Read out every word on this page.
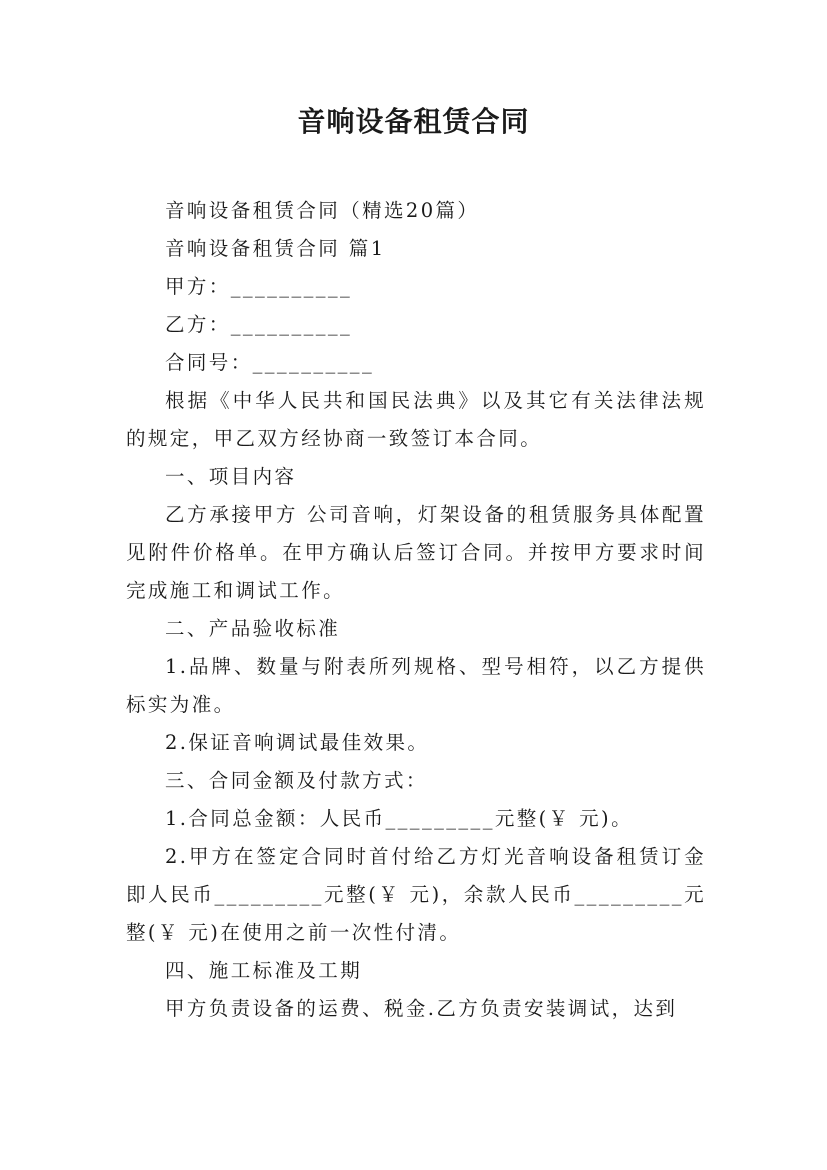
音响设备租赁合同

音响设备租赁合同（精选20篇）

音响设备租赁合同 篇1

甲方：__________

乙方：__________

合同号：__________

根据《中华人民共和国民法典》以及其它有关法律法规的规定，甲乙双方经协商一致签订本合同。

一、项目内容

乙方承接甲方 公司音响，灯架设备的租赁服务具体配置见附件价格单。在甲方确认后签订合同。并按甲方要求时间完成施工和调试工作。

二、产品验收标准

1.品牌、数量与附表所列规格、型号相符，以乙方提供标实为准。

2.保证音响调试最佳效果。

三、合同金额及付款方式：

1.合同总金额：人民币_________元整(￥ 元)。

2.甲方在签定合同时首付给乙方灯光音响设备租赁订金即人民币_________元整(￥ 元)，余款人民币_________元整(￥ 元)在使用之前一次性付清。

四、施工标准及工期

甲方负责设备的运费、税金.乙方负责安装调试，达到
